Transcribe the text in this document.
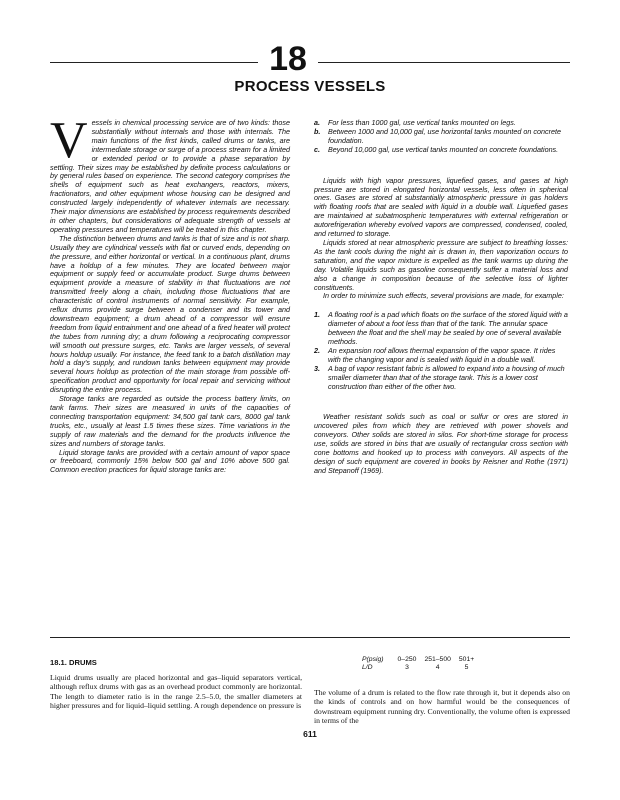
18
PROCESS VESSELS

Vessels in chemical processing service are of two kinds: those substantially without internals and those with internals. The main functions of the first kinds, called drums or tanks, are intermediate storage or surge of a process stream for a limited or extended period or to provide a phase separation by settling. Their sizes may be established by definite process calculations or by general rules based on experience. The second category comprises the shells of equipment such as heat exchangers, reactors, mixers, fractionators, and other equipment whose housing can be designed and constructed largely independently of whatever internals are necessary. Their major dimensions are established by process requirements described in other chapters, but considerations of adequate strength of vessels at operating pressures and temperatures will be treated in this chapter.

The distinction between drums and tanks is that of size and is not sharp. Usually they are cylindrical vessels with flat or curved ends, depending on the pressure, and either horizontal or vertical. In a continuous plant, drums have a holdup of a few minutes. They are located between major equipment or supply feed or accumulate product. Surge drums between equipment provide a measure of stability in that fluctuations are not transmitted freely along a chain, including those fluctuations that are characteristic of control instruments of normal sensitivity. For example, reflux drums provide surge between a condenser and its tower and downstream equipment; a drum ahead of a compressor will ensure freedom from liquid entrainment and one ahead of a fired heater will protect the tubes from running dry; a drum following a reciprocating compressor will smooth out pressure surges, etc. Tanks are larger vessels, of several hours holdup usually. For instance, the feed tank to a batch distillation may hold a day's supply, and rundown tanks between equipment may provide several hours holdup as protection of the main storage from possible off-specification product and opportunity for local repair and servicing without disrupting the entire process.

Storage tanks are regarded as outside the process battery limits, on tank farms. Their sizes are measured in units of the capacities of connecting transportation equipment: 34,500 gal tank cars, 8000 gal tank trucks, etc., usually at least 1.5 times these sizes. Time variations in the supply of raw materials and the demand for the products influence the sizes and numbers of storage tanks.

Liquid storage tanks are provided with a certain amount of vapor space or freeboard, commonly 15% below 500 gal and 10% above 500 gal. Common erection practices for liquid storage tanks are:

a. For less than 1000 gal, use vertical tanks mounted on legs.
b. Between 1000 and 10,000 gal, use horizontal tanks mounted on concrete foundation.
c. Beyond 10,000 gal, use vertical tanks mounted on concrete foundations.

Liquids with high vapor pressures, liquefied gases, and gases at high pressure are stored in elongated horizontal vessels, less often in spherical ones. Gases are stored at substantially atmospheric pressure in gas holders with floating roofs that are sealed with liquid in a double wall. Liquefied gases are maintained at subatmospheric temperatures with external refrigeration or autorefrigeration whereby evolved vapors are compressed, condensed, cooled, and returned to storage.

Liquids stored at near atmospheric pressure are subject to breathing losses: As the tank cools during the night air is drawn in, then vaporization occurs to saturation, and the vapor mixture is expelled as the tank warms up during the day. Volatile liquids such as gasoline consequently suffer a material loss and also a change in composition because of the selective loss of lighter constituents.

In order to minimize such effects, several provisions are made, for example:

1. A floating roof is a pad which floats on the surface of the stored liquid with a diameter of about a foot less than that of the tank. The annular space between the float and the shell may be sealed by one of several available methods.
2. An expansion roof allows thermal expansion of the vapor space. It rides with the changing vapor and is sealed with liquid in a double wall.
3. A bag of vapor resistant fabric is allowed to expand into a housing of much smaller diameter than that of the storage tank. This is a lower cost construction than either of the other two.

Weather resistant solids such as coal or sulfur or ores are stored in uncovered piles from which they are retrieved with power shovels and conveyors. Other solids are stored in silos. For short-time storage for process use, solids are stored in bins that are usually of rectangular cross section with cone bottoms and hooked up to process with conveyors. All aspects of the design of such equipment are covered in books by Reisner and Rothe (1971) and Stepanoff (1969).

18.1. DRUMS

Liquid drums usually are placed horizontal and gas–liquid separators vertical, although reflux drums with gas as an overhead product commonly are horizontal. The length to diameter ratio is in the range 2.5–5.0, the smaller diameters at higher pressures and for liquid–liquid settling. A rough dependence on pressure is

P(psig)	0–250	251–500	501+
L/D	3	4	5

The volume of a drum is related to the flow rate through it, but it depends also on the kinds of controls and on how harmful would be the consequences of downstream equipment running dry. Conventionally, the volume often is expressed in terms of the

611
